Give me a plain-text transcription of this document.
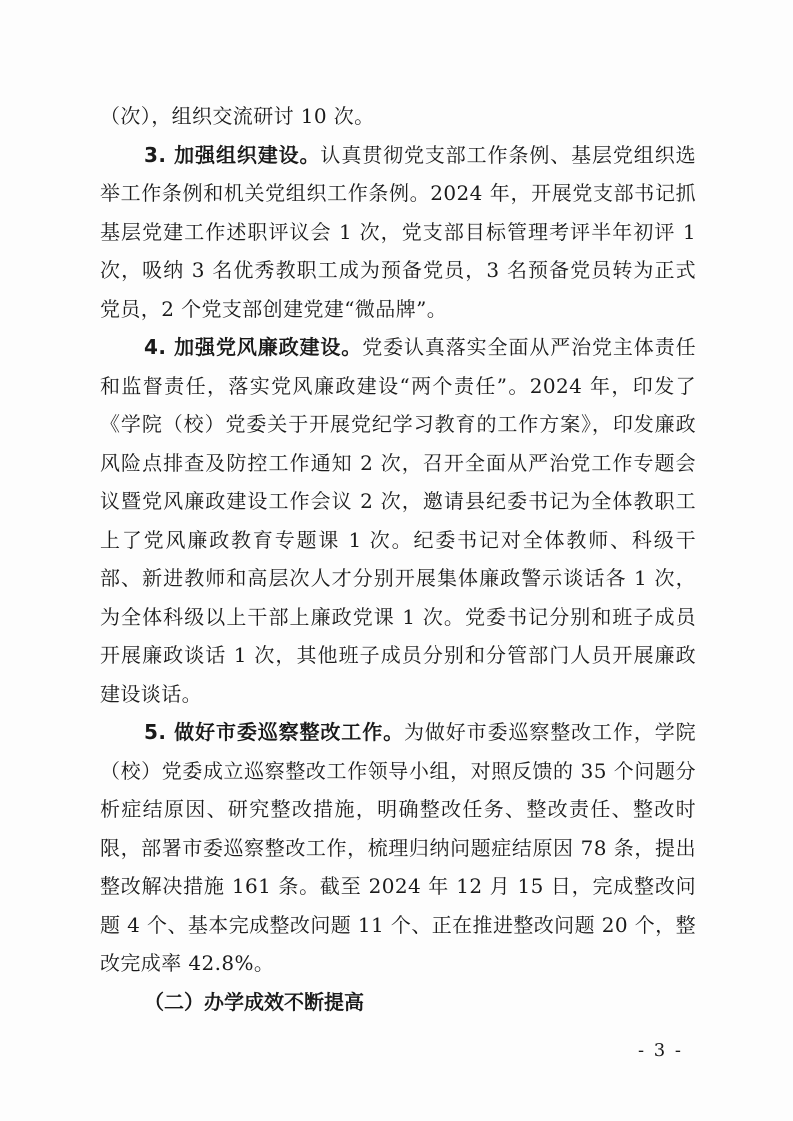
（次），组织交流研讨 10 次。

3. 加强组织建设。认真贯彻党支部工作条例、基层党组织选举工作条例和机关党组织工作条例。2024 年，开展党支部书记抓基层党建工作述职评议会 1 次，党支部目标管理考评半年初评 1 次，吸纳 3 名优秀教职工成为预备党员，3 名预备党员转为正式党员，2 个党支部创建党建“微品牌”。

4. 加强党风廉政建设。党委认真落实全面从严治党主体责任和监督责任，落实党风廉政建设“两个责任”。2024 年，印发了《学院（校）党委关于开展党纪学习教育的工作方案》，印发廉政风险点排查及防控工作通知 2 次，召开全面从严治党工作专题会议暨党风廉政建设工作会议 2 次，邀请县纪委书记为全体教职工上了党风廉政教育专题课 1 次。纪委书记对全体教师、科级干部、新进教师和高层次人才分别开展集体廉政警示谈话各 1 次，为全体科级以上干部上廉政党课 1 次。党委书记分别和班子成员开展廉政谈话 1 次，其他班子成员分别和分管部门人员开展廉政建设谈话。

5. 做好市委巡察整改工作。为做好市委巡察整改工作，学院（校）党委成立巡察整改工作领导小组，对照反馈的 35 个问题分析症结原因、研究整改措施，明确整改任务、整改责任、整改时限，部署市委巡察整改工作，梳理归纳问题症结原因 78 条，提出整改解决措施 161 条。截至 2024 年 12 月 15 日，完成整改问题 4 个、基本完成整改问题 11 个、正在推进整改问题 20 个，整改完成率 42.8%。

（二）办学成效不断提高

- 3 -
